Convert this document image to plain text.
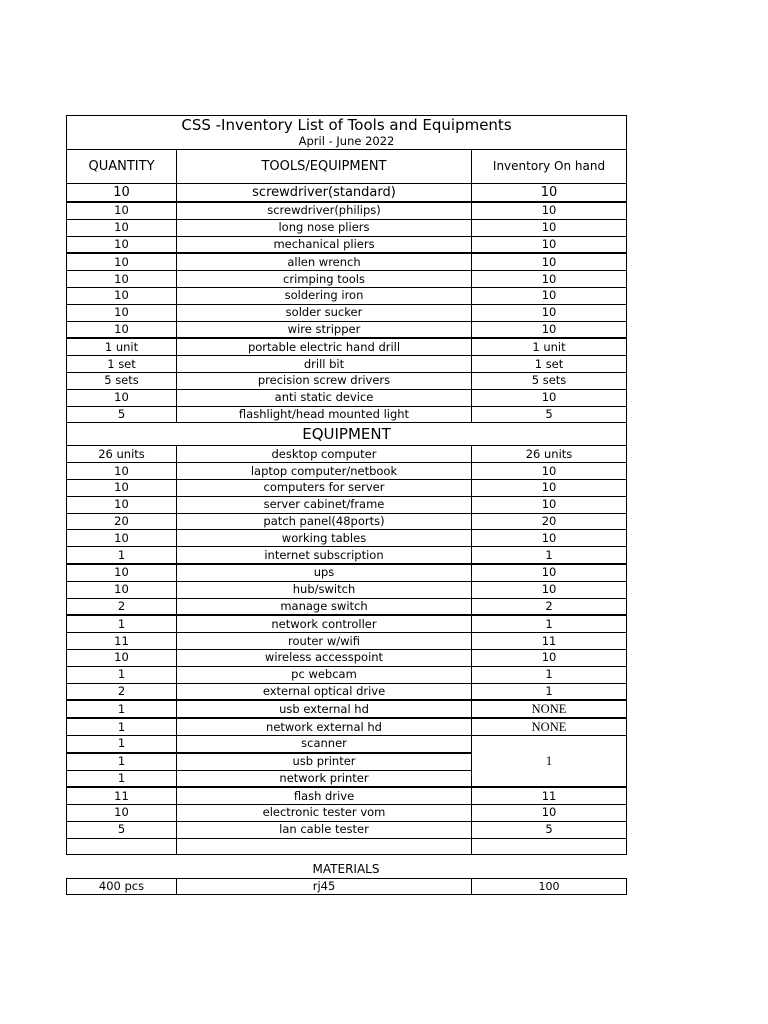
CSS -Inventory List of Tools and Equipments		
April - June 2022		
QUANTITY	TOOLS/EQUIPMENT	Inventory On hand
10	screwdriver(standard)	10
10	screwdriver(philips)	10
10	long nose pliers	10
10	mechanical pliers	10
10	allen wrench	10
10	crimping tools	10
10	soldering iron	10
10	solder sucker	10
10	wire stripper	10
1 unit	portable electric hand drill	1 unit
1 set	drill bit	1 set
5 sets	precision screw drivers	5 sets
10	anti static device	10
5	flashlight/head mounted light	5
EQUIPMENT		
26 units	desktop computer	26 units
10	laptop computer/netbook	10
10	computers for server	10
10	server cabinet/frame	10
20	patch panel(48ports)	20
10	working tables	10
1	internet subscription	1
10	ups	10
10	hub/switch	10
2	manage switch	2
1	network controller	1
11	router w/wifi	11
10	wireless accesspoint	10
1	pc webcam	1
2	external optical drive	1
1	usb external hd	NONE
1	network external hd	NONE
1	scanner	1
1	usb printer	
1	network printer	
11	flash drive	11
10	electronic tester vom	10
5	lan cable tester	5

MATERIALS
400 pcs	rj45	100
